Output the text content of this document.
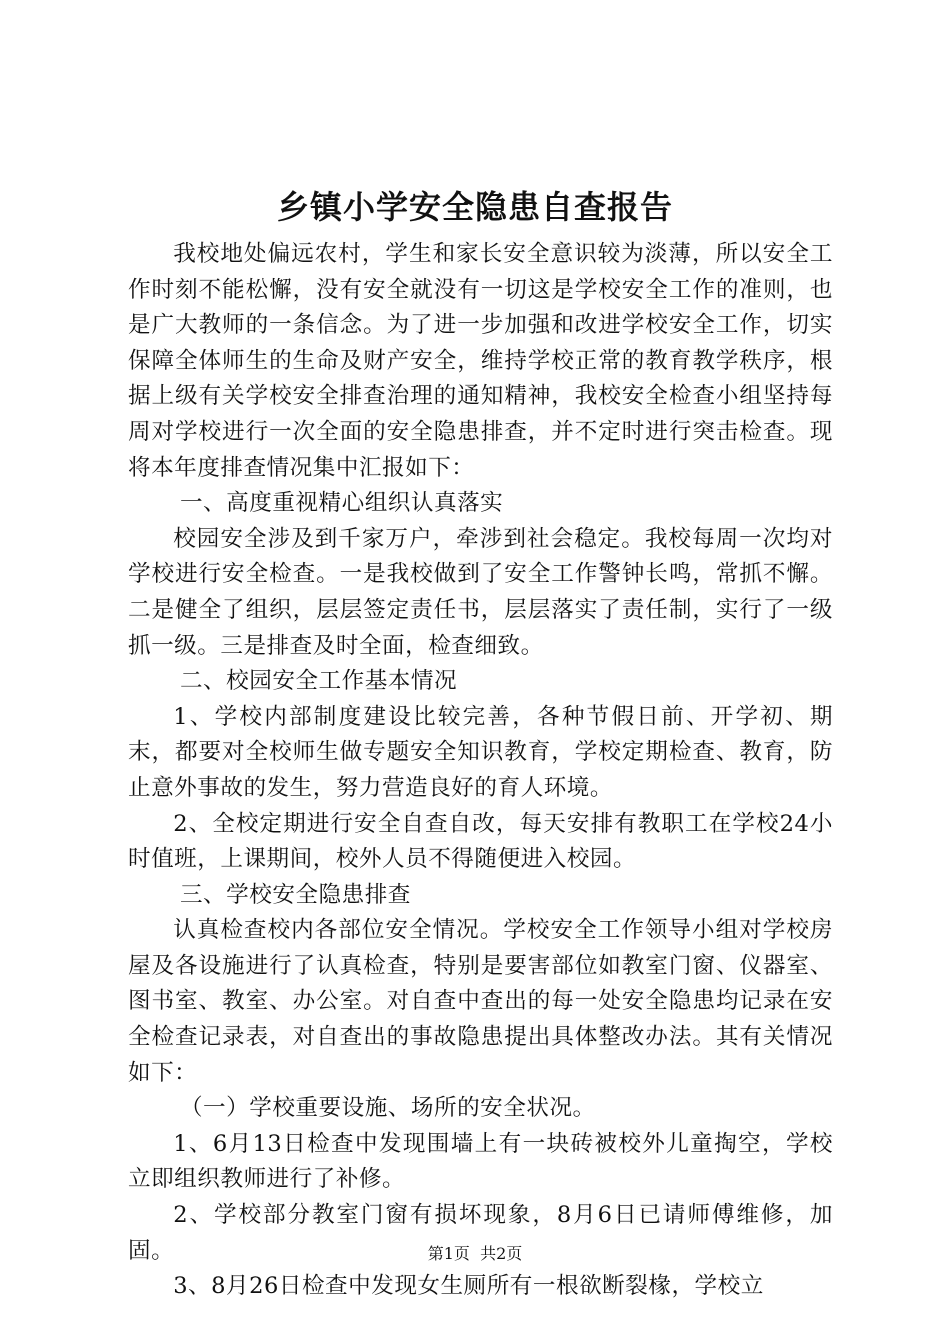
乡镇小学安全隐患自查报告

我校地处偏远农村，学生和家长安全意识较为淡薄，所以安全工作时刻不能松懈，没有安全就没有一切这是学校安全工作的准则，也是广大教师的一条信念。为了进一步加强和改进学校安全工作，切实保障全体师生的生命及财产安全，维持学校正常的教育教学秩序，根据上级有关学校安全排查治理的通知精神，我校安全检查小组坚持每周对学校进行一次全面的安全隐患排查，并不定时进行突击检查。现将本年度排查情况集中汇报如下：

一、高度重视精心组织认真落实

校园安全涉及到千家万户，牵涉到社会稳定。我校每周一次均对学校进行安全检查。一是我校做到了安全工作警钟长鸣，常抓不懈。二是健全了组织，层层签定责任书，层层落实了责任制，实行了一级抓一级。三是排查及时全面，检查细致。

二、校园安全工作基本情况

1、学校内部制度建设比较完善，各种节假日前、开学初、期末，都要对全校师生做专题安全知识教育，学校定期检查、教育，防止意外事故的发生，努力营造良好的育人环境。

2、全校定期进行安全自查自改，每天安排有教职工在学校24小时值班，上课期间，校外人员不得随便进入校园。

三、学校安全隐患排查

认真检查校内各部位安全情况。学校安全工作领导小组对学校房屋及各设施进行了认真检查，特别是要害部位如教室门窗、仪器室、图书室、教室、办公室。对自查中查出的每一处安全隐患均记录在安全检查记录表，对自查出的事故隐患提出具体整改办法。其有关情况如下：

（一）学校重要设施、场所的安全状况。

1、6月13日检查中发现围墙上有一块砖被校外儿童掏空，学校立即组织教师进行了补修。

2、学校部分教室门窗有损坏现象，8月6日已请师傅维修，加固。

3、8月26日检查中发现女生厕所有一根欲断裂椽，学校立

第1页 共2页
